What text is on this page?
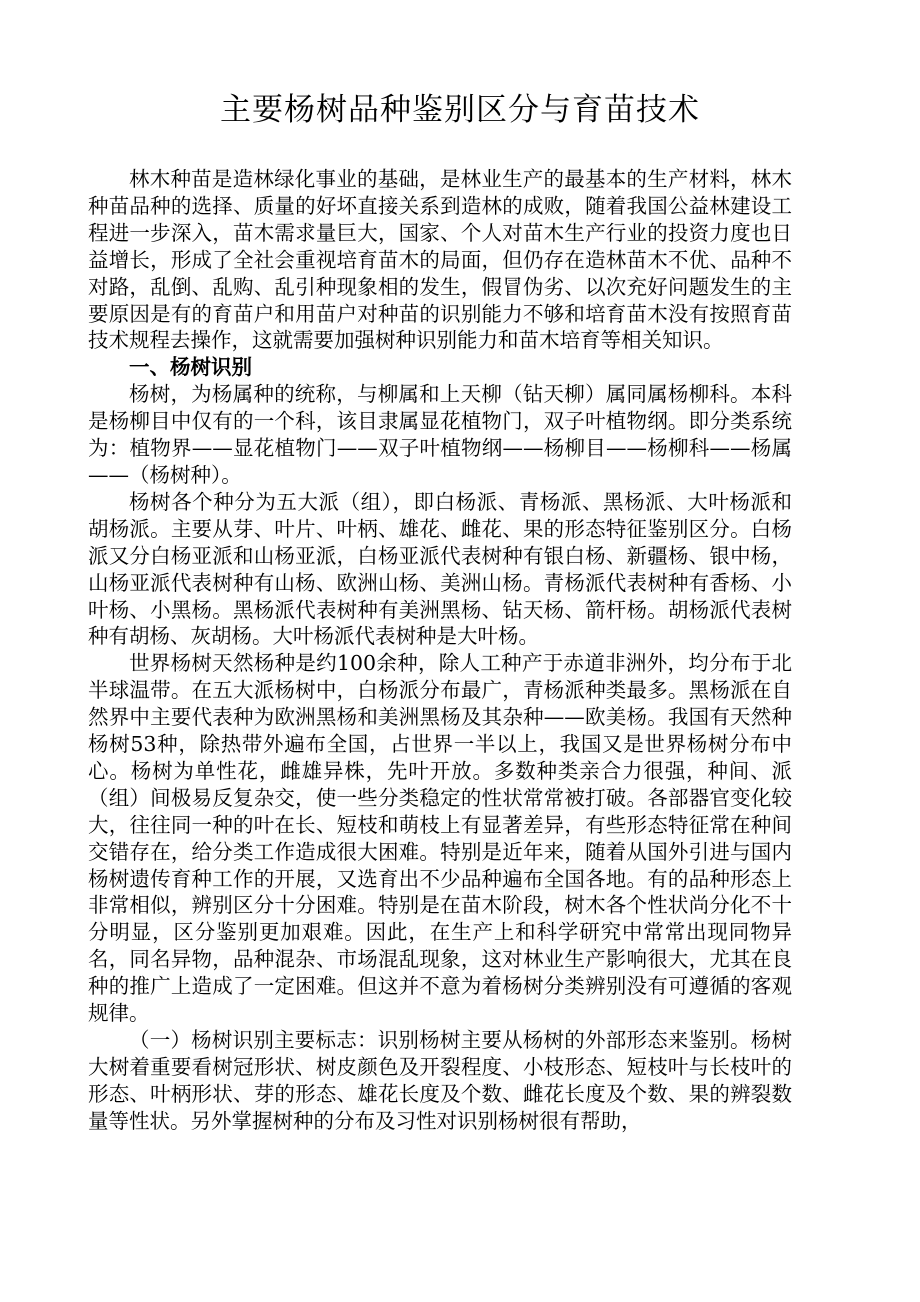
主要杨树品种鉴别区分与育苗技术

林木种苗是造林绿化事业的基础，是林业生产的最基本的生产材料，林木种苗品种的选择、质量的好坏直接关系到造林的成败，随着我国公益林建设工程进一步深入，苗木需求量巨大，国家、个人对苗木生产行业的投资力度也日益增长，形成了全社会重视培育苗木的局面，但仍存在造林苗木不优、品种不对路，乱倒、乱购、乱引种现象相的发生，假冒伪劣、以次充好问题发生的主要原因是有的育苗户和用苗户对种苗的识别能力不够和培育苗木没有按照育苗技术规程去操作，这就需要加强树种识别能力和苗木培育等相关知识。

一、杨树识别

杨树，为杨属种的统称，与柳属和上天柳（钻天柳）属同属杨柳科。本科是杨柳目中仅有的一个科，该目隶属显花植物门，双子叶植物纲。即分类系统为：植物界——显花植物门——双子叶植物纲——杨柳目——杨柳科——杨属——（杨树种）。

杨树各个种分为五大派（组），即白杨派、青杨派、黑杨派、大叶杨派和胡杨派。主要从芽、叶片、叶柄、雄花、雌花、果的形态特征鉴别区分。白杨派又分白杨亚派和山杨亚派，白杨亚派代表树种有银白杨、新疆杨、银中杨，山杨亚派代表树种有山杨、欧洲山杨、美洲山杨。青杨派代表树种有香杨、小叶杨、小黑杨。黑杨派代表树种有美洲黑杨、钻天杨、箭杆杨。胡杨派代表树种有胡杨、灰胡杨。大叶杨派代表树种是大叶杨。

世界杨树天然杨种是约100余种，除人工种产于赤道非洲外，均分布于北半球温带。在五大派杨树中，白杨派分布最广，青杨派种类最多。黑杨派在自然界中主要代表种为欧洲黑杨和美洲黑杨及其杂种——欧美杨。我国有天然种杨树53种，除热带外遍布全国，占世界一半以上，我国又是世界杨树分布中心。杨树为单性花，雌雄异株，先叶开放。多数种类亲合力很强，种间、派（组）间极易反复杂交，使一些分类稳定的性状常常被打破。各部器官变化较大，往往同一种的叶在长、短枝和萌枝上有显著差异，有些形态特征常在种间交错存在，给分类工作造成很大困难。特别是近年来，随着从国外引进与国内杨树遗传育种工作的开展，又选育出不少品种遍布全国各地。有的品种形态上非常相似，辨别区分十分困难。特别是在苗木阶段，树木各个性状尚分化不十分明显，区分鉴别更加艰难。因此，在生产上和科学研究中常常出现同物异名，同名异物，品种混杂、市场混乱现象，这对林业生产影响很大，尤其在良种的推广上造成了一定困难。但这并不意为着杨树分类辨别没有可遵循的客观规律。

（一）杨树识别主要标志：识别杨树主要从杨树的外部形态来鉴别。杨树大树着重要看树冠形状、树皮颜色及开裂程度、小枝形态、短枝叶与长枝叶的形态、叶柄形状、芽的形态、雄花长度及个数、雌花长度及个数、果的辨裂数量等性状。另外掌握树种的分布及习性对识别杨树很有帮助，
